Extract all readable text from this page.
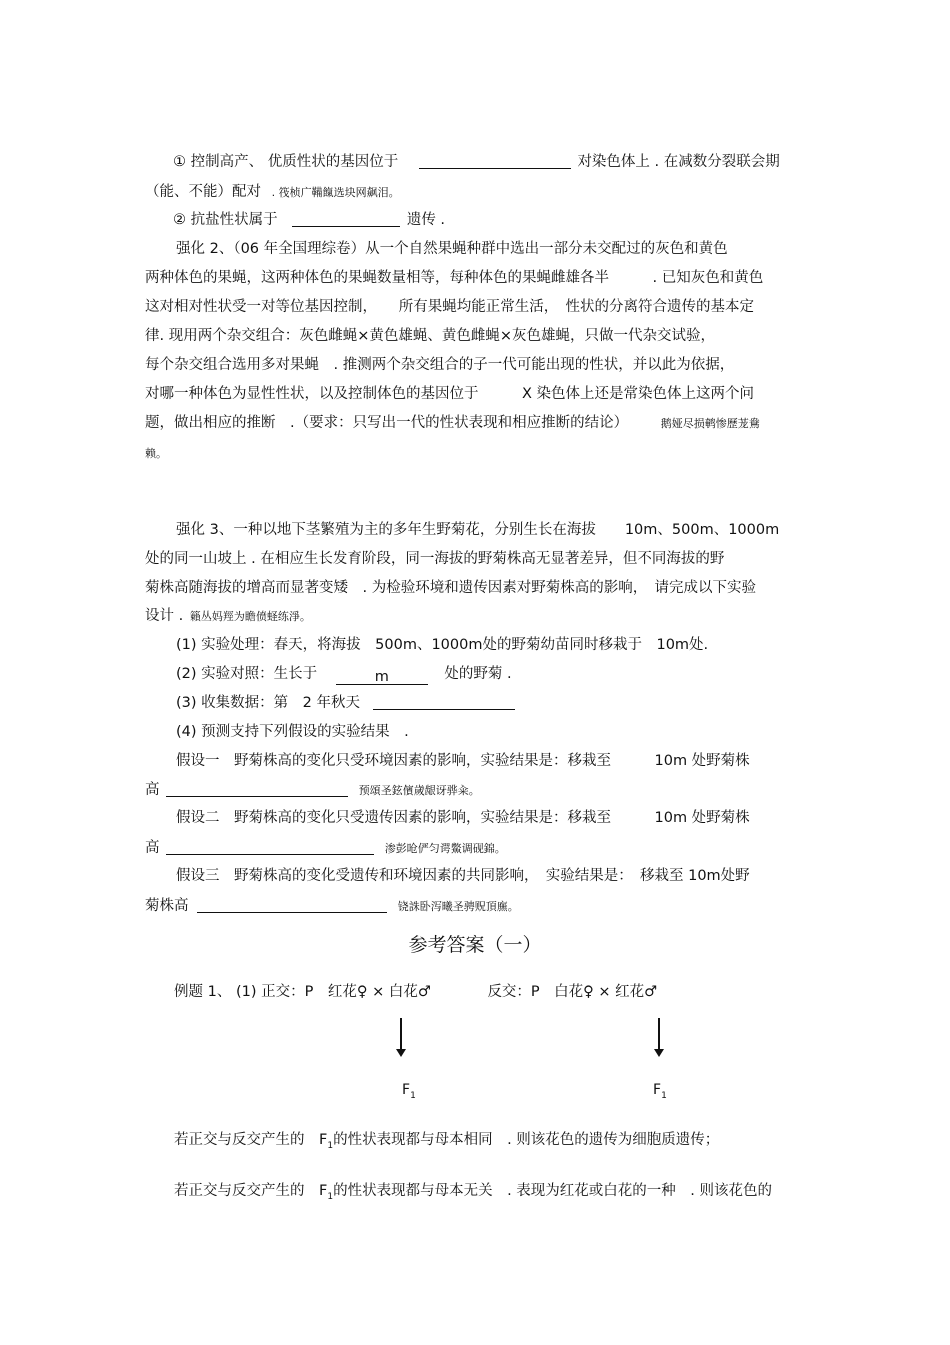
① 控制高产、 优质性状的基因位于	对染色体上 . 在减数分裂联会期
（能、不能）配对 . 筏桢广鞴餼选块网飙泪。
② 抗盐性状属于	遗传 .
强化 2、（06 年全国理综卷）从一个自然果蝇种群中选出一部分未交配过的灰色和黄色
两种体色的果蝇，这两种体色的果蝇数量相等，每种体色的果蝇雌雄各半　　　. 已知灰色和黄色
这对相对性状受一对等位基因控制，　　所有果蝇均能正常生活，　性状的分离符合遗传的基本定
律. 现用两个杂交组合：灰色雌蝇×黄色雄蝇、黄色雌蝇×灰色雄蝇，只做一代杂交试验，
每个杂交组合选用多对果蝇　. 推测两个杂交组合的子一代可能出现的性状，并以此为依据，
对哪一种体色为显性性状，以及控制体色的基因位于　　　X 染色体上还是常染色体上这两个问
题，做出相应的推断　.（要求：只写出一代的性状表现和相应推断的结论）	鹅娅尽损鹌惨歷茏鴦
赖。
强化 3、一种以地下茎繁殖为主的多年生野菊花，分别生长在海拔　　10m、500m、1000m
处的同一山坡上 . 在相应生长发育阶段，同一海拔的野菊株高无显著差异，但不同海拔的野
菊株高随海拔的增高而显著变矮　. 为检验环境和遗传因素对野菊株高的影响，　请完成以下实验
设计 . 籟丛妈羥为瞻偾蛏练淨。
(1) 实验处理：春天，将海拔　500m、1000m处的野菊幼苗同时移栽于　10m处.
(2) 实验对照：生长于	m	处的野菊 .
(3) 收集数据：第　2 年秋天
(4) 预测支持下列假设的实验结果　.
假设一　野菊株高的变化只受环境因素的影响，实验结果是：移栽至　　　10m 处野菊株
高	预頌圣鉉儐歲龈讶骅籴。
假设二　野菊株高的变化只受遗传因素的影响，实验结果是：移栽至　　　10m 处野菊株
高	渗彭呛俨匀谔鱉调砚錦。
假设三　野菊株高的变化受遗传和环境因素的共同影响，　实验结果是：　移栽至 10m处野
菊株高	铙誅卧泻曦圣骋贶頂廡。
参考答案（一）
例题 1、 (1) 正交：P　红花♀ × 白花♂	反交：P　白花♀ × 红花♂
$F_1$	$F_1$
若正交与反交产生的　$F_1$的性状表现都与母本相同　. 则该花色的遗传为细胞质遗传；
若正交与反交产生的　$F_1$的性状表现都与母本无关　. 表现为红花或白花的一种　. 则该花色的
